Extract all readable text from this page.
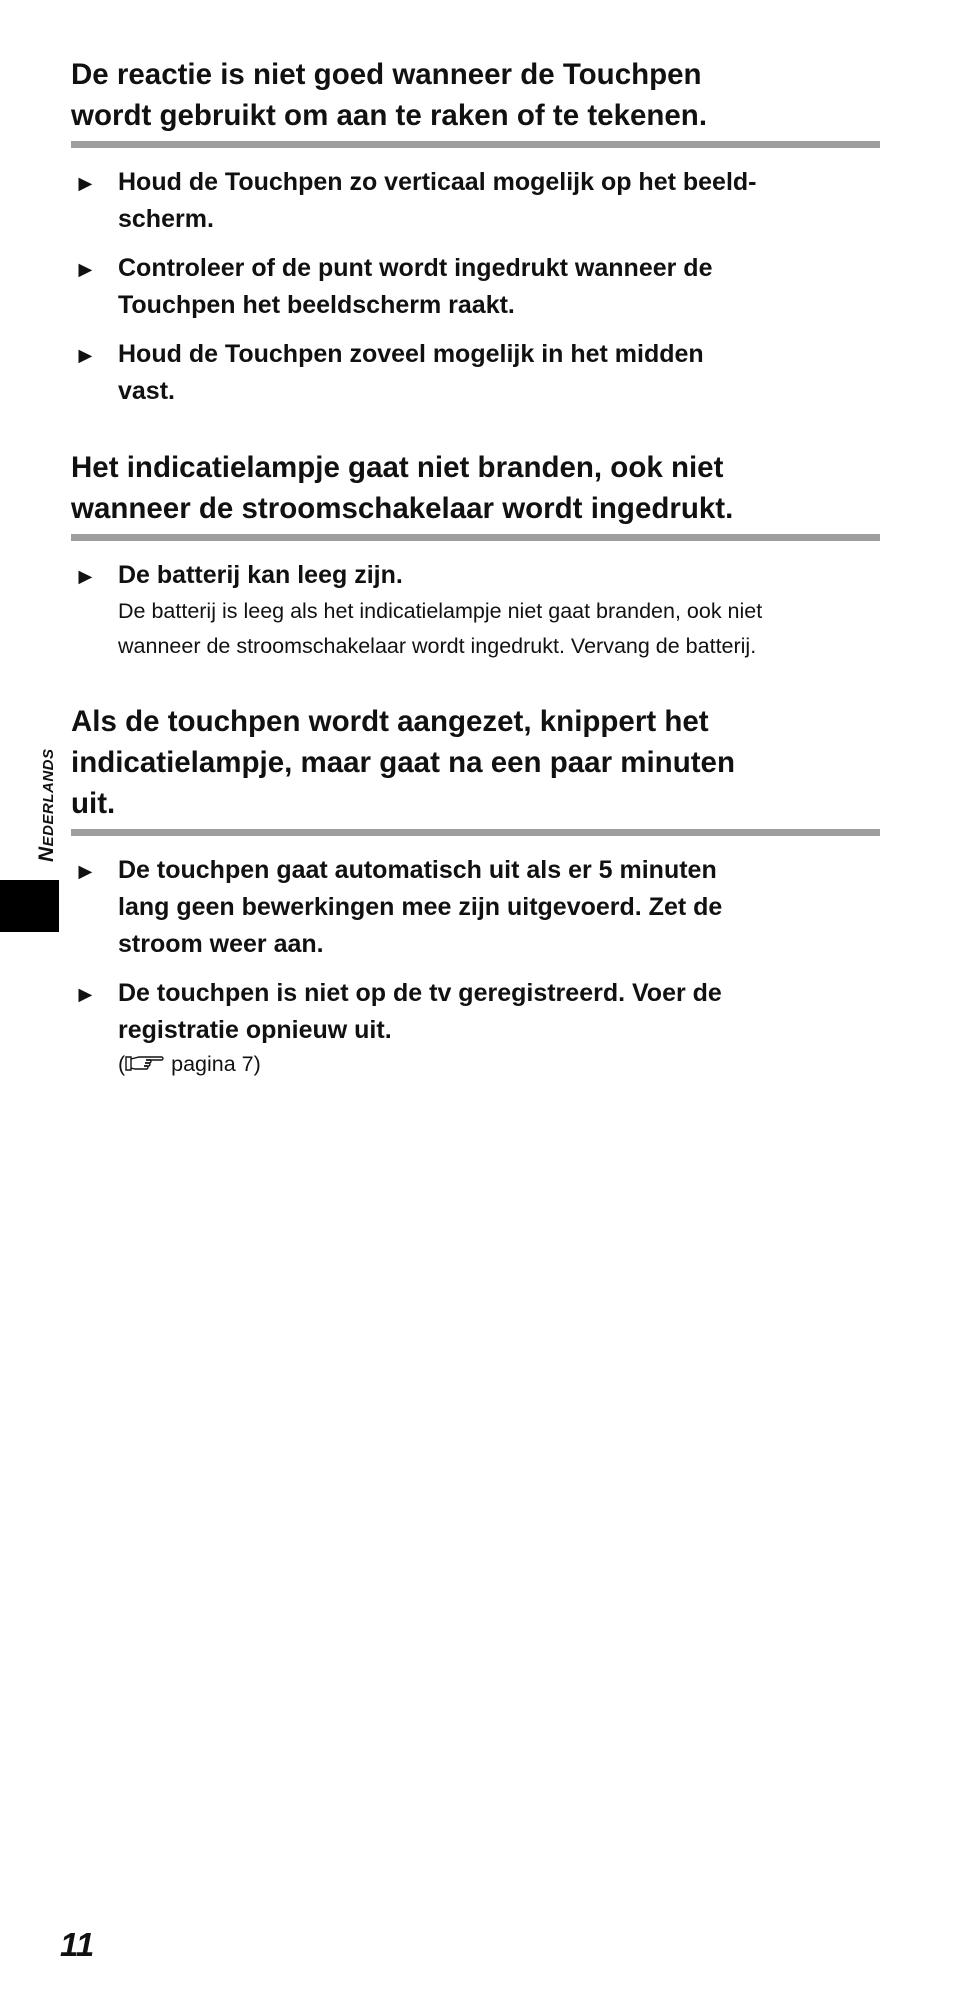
Nederlands
De reactie is niet goed wanneer de Touchpen
wordt gebruikt om aan te raken of te tekenen.
► Houd de Touchpen zo verticaal mogelijk op het beeld-
scherm.
► Controleer of de punt wordt ingedrukt wanneer de
Touchpen het beeldscherm raakt.
► Houd de Touchpen zoveel mogelijk in het midden
vast.
Het indicatielampje gaat niet branden, ook niet
wanneer de stroomschakelaar wordt ingedrukt.
► De batterij kan leeg zijn.
De batterij is leeg als het indicatielampje niet gaat branden, ook niet
wanneer de stroomschakelaar wordt ingedrukt. Vervang de batterij.
Als de touchpen wordt aangezet, knippert het
indicatielampje, maar gaat na een paar minuten
uit.
► De touchpen gaat automatisch uit als er 5 minuten
lang geen bewerkingen mee zijn uitgevoerd. Zet de
stroom weer aan.
► De touchpen is niet op de tv geregistreerd. Voer de
registratie opnieuw uit.
( pagina 7)
11
